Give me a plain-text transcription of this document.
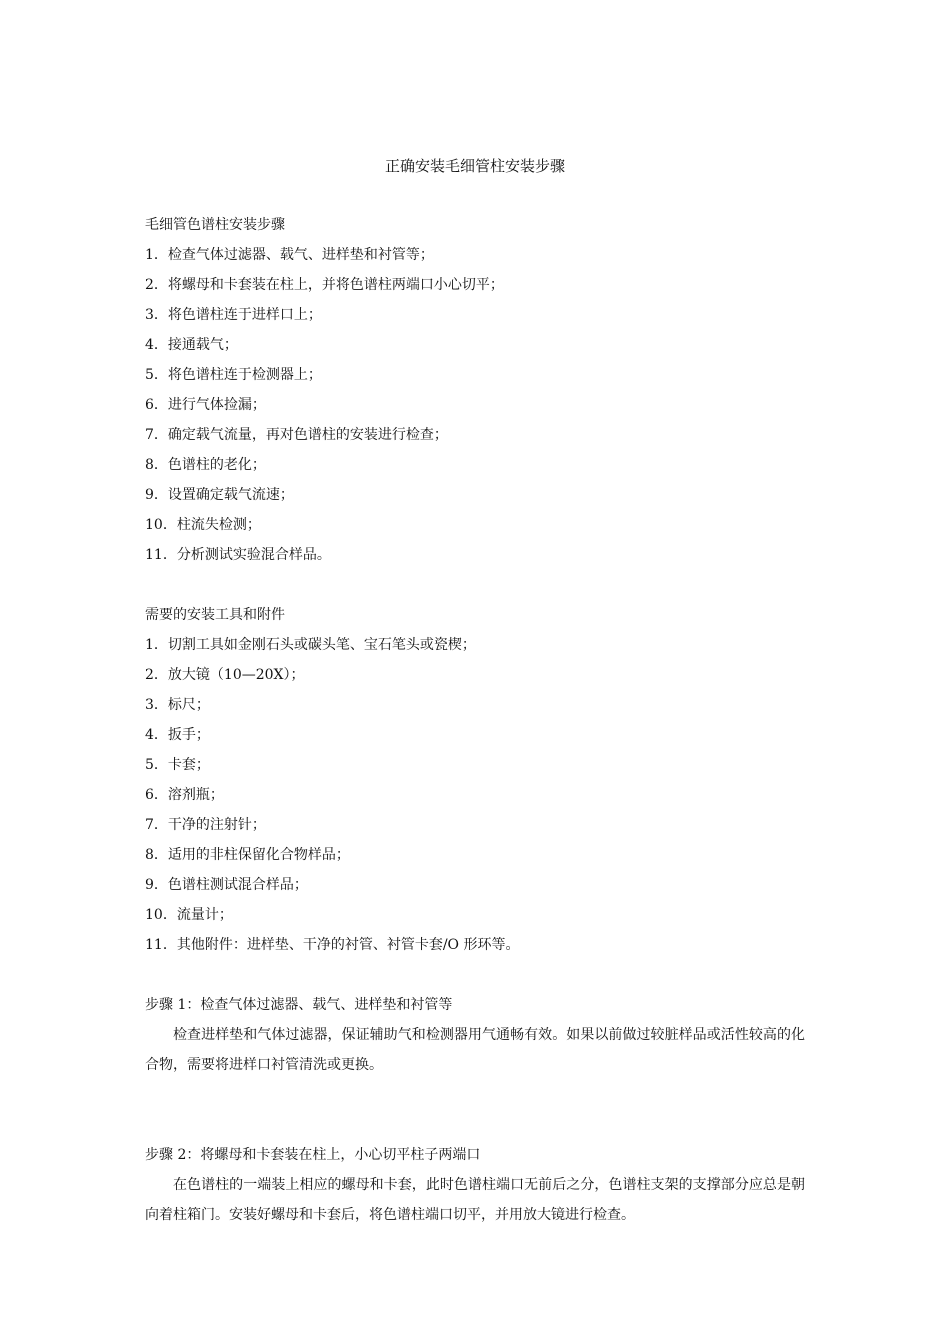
正确安装毛细管柱安装步骤
毛细管色谱柱安装步骤
1．检查气体过滤器、载气、进样垫和衬管等；
2．将螺母和卡套装在柱上，并将色谱柱两端口小心切平；
3．将色谱柱连于进样口上；
4．接通载气；
5．将色谱柱连于检测器上；
6．进行气体捡漏；
7．确定载气流量，再对色谱柱的安装进行检查；
8．色谱柱的老化；
9．设置确定载气流速；
10．柱流失检测；
11．分析测试实验混合样品。
需要的安装工具和附件
1．切割工具如金刚石头或碳头笔、宝石笔头或瓷楔；
2．放大镜（10—20X）；
3．标尺；
4．扳手；
5．卡套；
6．溶剂瓶；
7．干净的注射针；
8．适用的非柱保留化合物样品；
9．色谱柱测试混合样品；
10．流量计；
11．其他附件：进样垫、干净的衬管、衬管卡套/O 形环等。
步骤 1：检查气体过滤器、载气、进样垫和衬管等

检查进样垫和气体过滤器，保证辅助气和检测器用气通畅有效。如果以前做过较脏样品或活性较高的化合物，需要将进样口衬管清洗或更换。

步骤 2：将螺母和卡套装在柱上，小心切平柱子两端口

在色谱柱的一端装上相应的螺母和卡套，此时色谱柱端口无前后之分，色谱柱支架的支撑部分应总是朝向着柱箱门。安装好螺母和卡套后，将色谱柱端口切平，并用放大镜进行检查。
